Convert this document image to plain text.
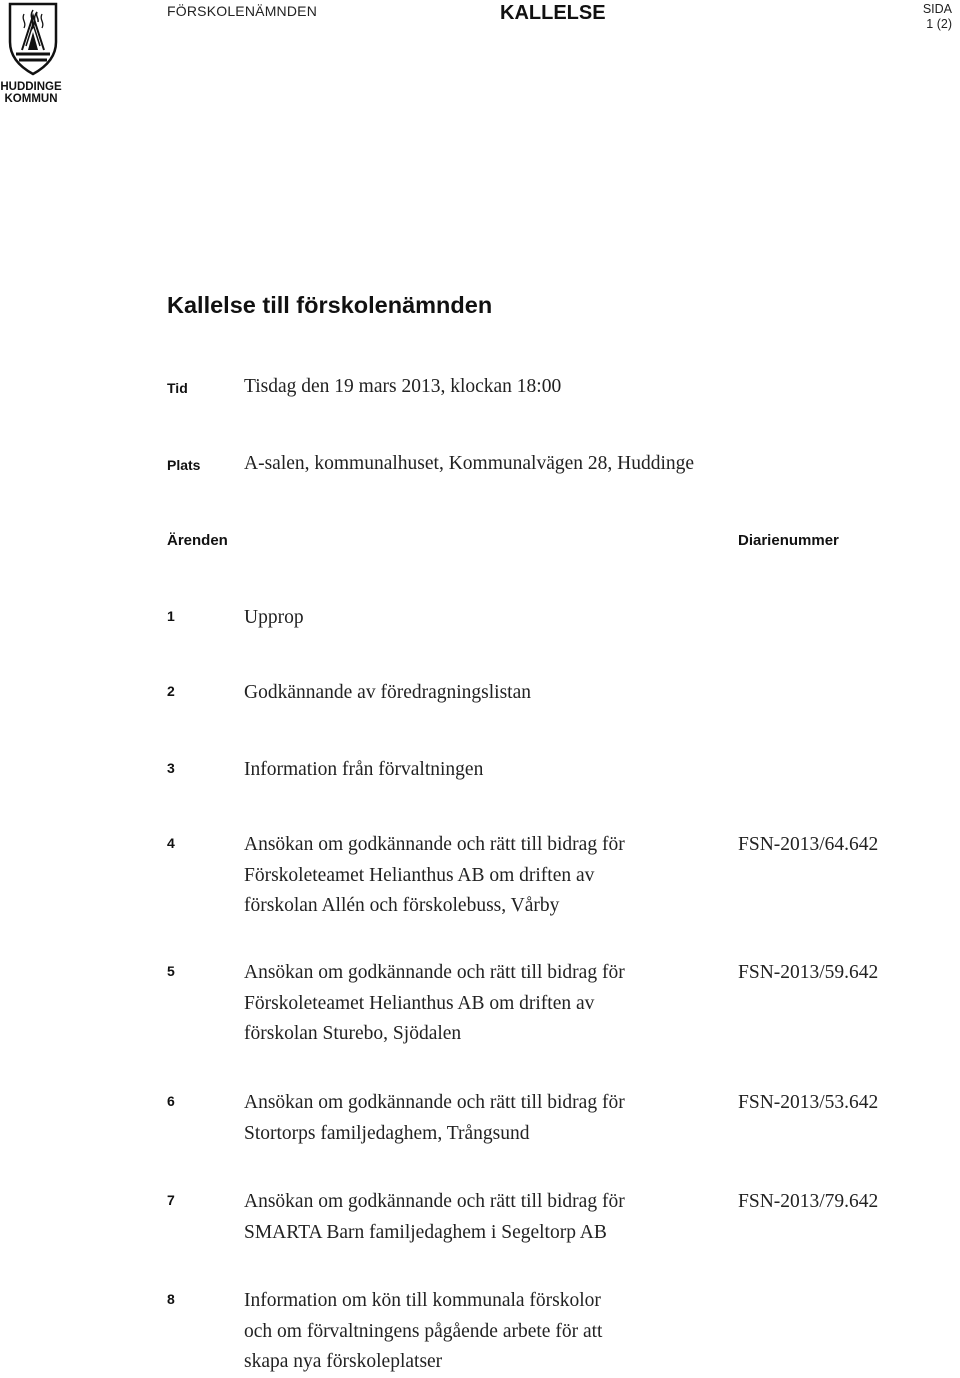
HUDDINGE
KOMMUN
FÖRSKOLENÄMNDEN	KALLELSE	SIDA
1 (2)
Kallelse till förskolenämnden
Tid	Tisdag den 19 mars 2013, klockan 18:00
Plats A-salen, kommunalhuset, Kommunalvägen 28, Huddinge
Ärenden	Diarienummer
1	Upprop
2	Godkännande av föredragningslistan
3	Information från förvaltningen
4	Ansökan om godkännande och rätt till bidrag för
Förskoleteamet Helianthus AB om driften av
förskolan Allén och förskolebuss, Vårby
FSN-2013/64.642
5	Ansökan om godkännande och rätt till bidrag för
Förskoleteamet Helianthus AB om driften av
förskolan Sturebo, Sjödalen
FSN-2013/59.642
6	Ansökan om godkännande och rätt till bidrag för
Stortorps familjedaghem, Trångsund
FSN-2013/53.642
7	Ansökan om godkännande och rätt till bidrag för
SMARTA Barn familjedaghem i Segeltorp AB
FSN-2013/79.642
8	Information om kön till kommunala förskolor
och om förvaltningens pågående arbete för att
skapa nya förskoleplatser
